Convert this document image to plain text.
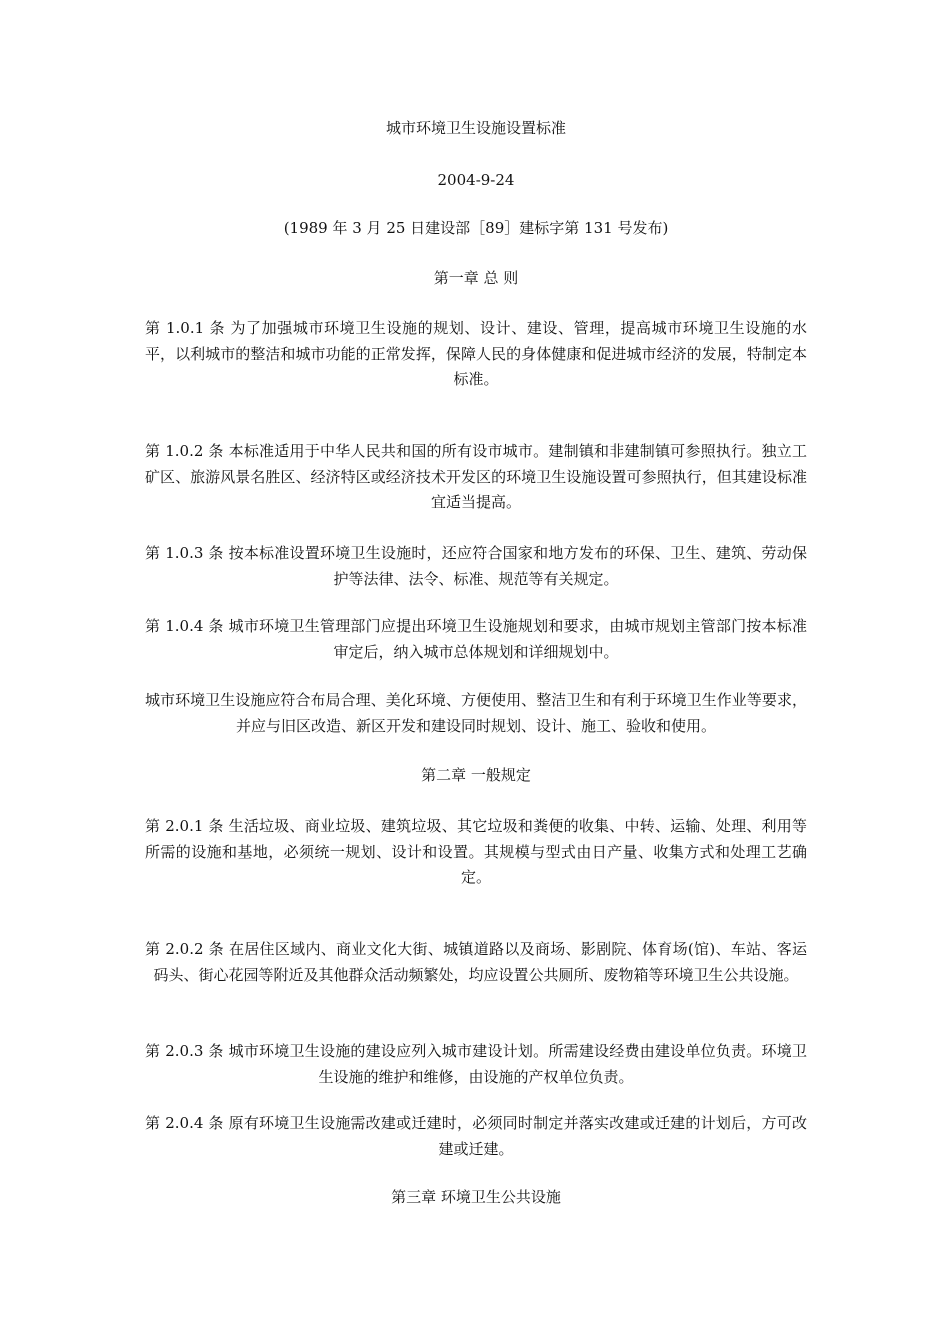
城市环境卫生设施设置标准
2004-9-24
(1989 年 3 月 25 日建设部［89］建标字第 131 号发布)
第一章 总 则
第 1.0.1 条 为了加强城市环境卫生设施的规划、设计、建设、管理，提高城市环境卫生设施的水平，以利城市的整洁和城市功能的正常发挥，保障人民的身体健康和促进城市经济的发展，特制定本标准。
第 1.0.2 条 本标准适用于中华人民共和国的所有设市城市。建制镇和非建制镇可参照执行。独立工矿区、旅游风景名胜区、经济特区或经济技术开发区的环境卫生设施设置可参照执行，但其建设标准宜适当提高。
第 1.0.3 条 按本标准设置环境卫生设施时，还应符合国家和地方发布的环保、卫生、建筑、劳动保护等法律、法令、标准、规范等有关规定。
第 1.0.4 条 城市环境卫生管理部门应提出环境卫生设施规划和要求，由城市规划主管部门按本标准审定后，纳入城市总体规划和详细规划中。
城市环境卫生设施应符合布局合理、美化环境、方便使用、整洁卫生和有利于环境卫生作业等要求，并应与旧区改造、新区开发和建设同时规划、设计、施工、验收和使用。
第二章 一般规定
第 2.0.1 条 生活垃圾、商业垃圾、建筑垃圾、其它垃圾和粪便的收集、中转、运输、处理、利用等所需的设施和基地，必须统一规划、设计和设置。其规模与型式由日产量、收集方式和处理工艺确定。
第 2.0.2 条 在居住区域内、商业文化大街、城镇道路以及商场、影剧院、体育场(馆)、车站、客运码头、街心花园等附近及其他群众活动频繁处，均应设置公共厕所、废物箱等环境卫生公共设施。
第 2.0.3 条 城市环境卫生设施的建设应列入城市建设计划。所需建设经费由建设单位负责。环境卫生设施的维护和维修，由设施的产权单位负责。
第 2.0.4 条 原有环境卫生设施需改建或迁建时，必须同时制定并落实改建或迁建的计划后，方可改建或迁建。
第三章 环境卫生公共设施
